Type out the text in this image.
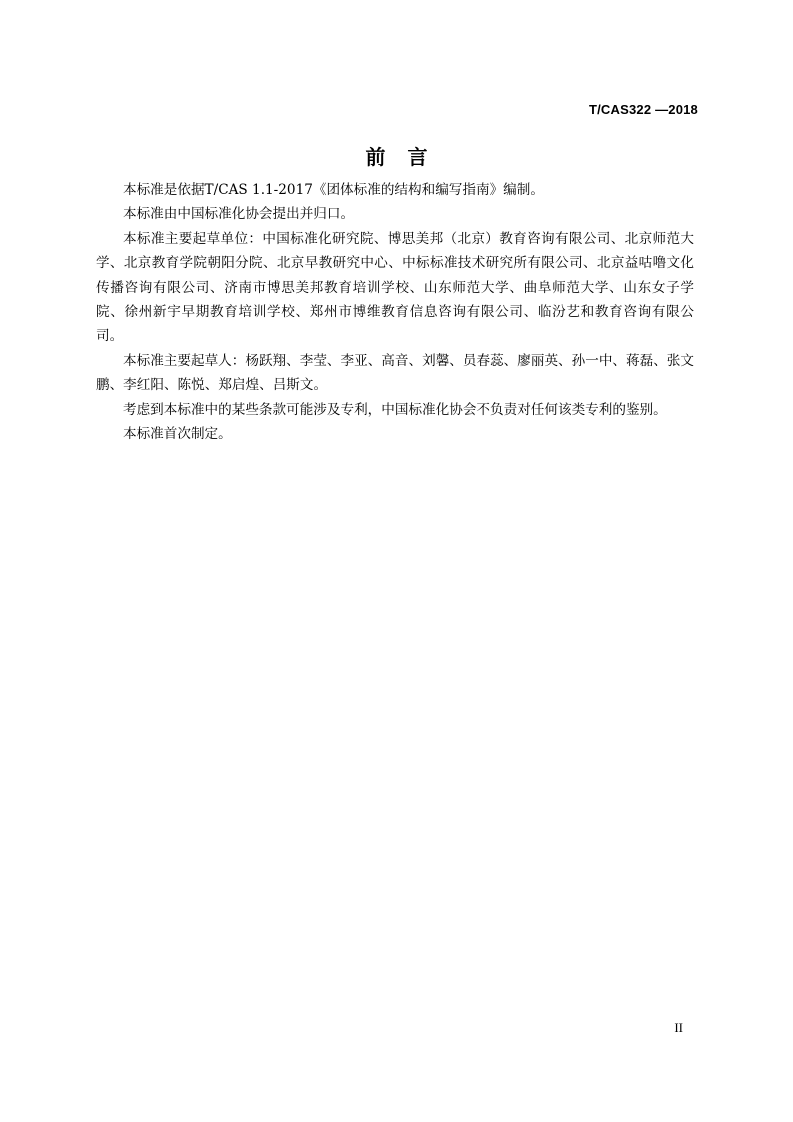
T/CAS322 —2018
前言

本标准是依据T/CAS 1.1-2017《团体标准的结构和编写指南》编制。

本标准由中国标准化协会提出并归口。

本标准主要起草单位：中国标准化研究院、博思美邦（北京）教育咨询有限公司、北京师范大学、北京教育学院朝阳分院、北京早教研究中心、中标标准技术研究所有限公司、北京益咕噜文化传播咨询有限公司、济南市博思美邦教育培训学校、山东师范大学、曲阜师范大学、山东女子学院、徐州新宇早期教育培训学校、郑州市博维教育信息咨询有限公司、临汾艺和教育咨询有限公司。

本标准主要起草人：杨跃翔、李莹、李亚、高音、刘馨、员春蕊、廖丽英、孙一中、蒋磊、张文鹏、李红阳、陈悦、郑启煌、吕斯文。

考虑到本标准中的某些条款可能涉及专利，中国标准化协会不负责对任何该类专利的鉴别。

本标准首次制定。

II
